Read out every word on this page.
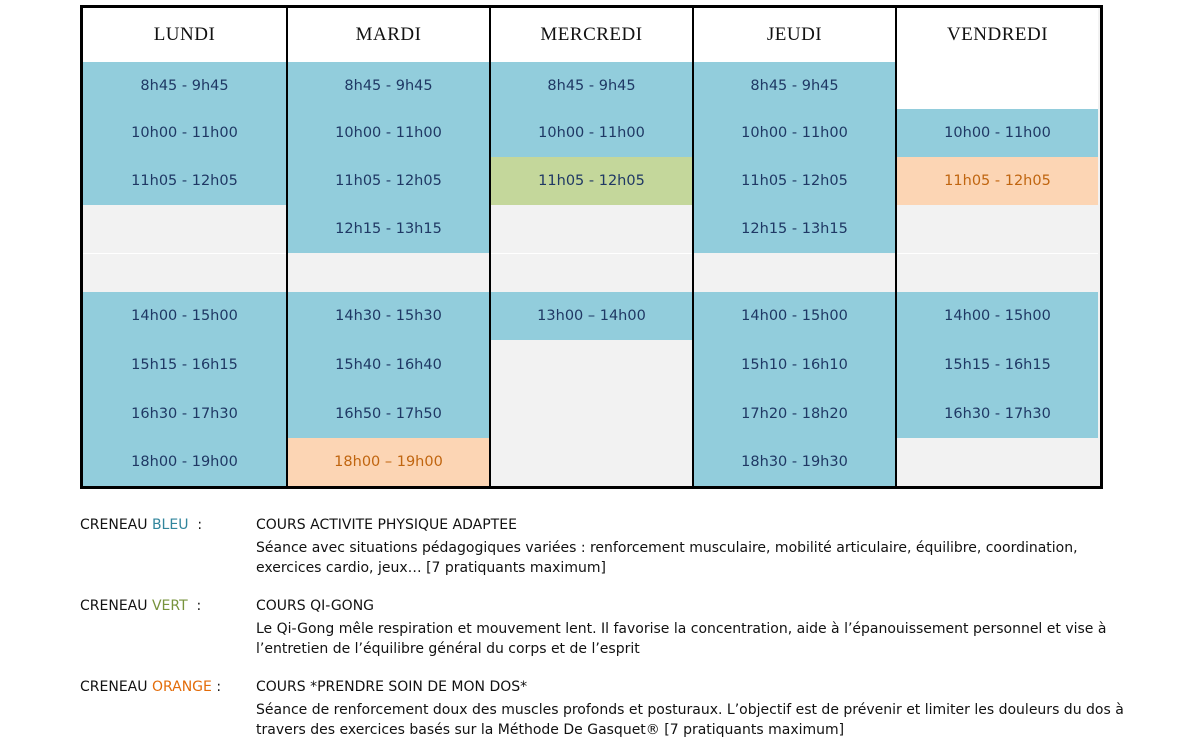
LUNDI
8h45 - 9h45
10h00 - 11h00
11h05 - 12h05
14h00 - 15h00
15h15 - 16h15
16h30 - 17h30
18h00 - 19h00
MARDI
8h45 - 9h45
10h00 - 11h00
11h05 - 12h05
12h15 - 13h15
14h30 - 15h30
15h40 - 16h40
16h50 - 17h50
18h00 – 19h00
MERCREDI
8h45 - 9h45
10h00 - 11h00
11h05 - 12h05
13h00 – 14h00
JEUDI
8h45 - 9h45
10h00 - 11h00
11h05 - 12h05
12h15 - 13h15
14h00 - 15h00
15h10 - 16h10
17h20 - 18h20
18h30 - 19h30
VENDREDI
10h00 - 11h00
11h05 - 12h05
14h00 - 15h00
15h15 - 16h15
16h30 - 17h30
CRENEAU BLEU  :	COURS ACTIVITE PHYSIQUE ADAPTEE
Séance avec situations pédagogiques variées : renforcement musculaire, mobilité articulaire, équilibre, coordination, exercices cardio, jeux… [7 pratiquants maximum]
CRENEAU VERT  :	COURS QI-GONG
Le Qi-Gong mêle respiration et mouvement lent. Il favorise la concentration, aide à l’épanouissement personnel et vise à l’entretien de l’équilibre général du corps et de l’esprit
CRENEAU ORANGE : COURS *PRENDRE SOIN DE MON DOS*
Séance de renforcement doux des muscles profonds et posturaux. L’objectif est de prévenir et limiter les douleurs du dos à travers des exercices basés sur la Méthode De Gasquet® [7 pratiquants maximum]
